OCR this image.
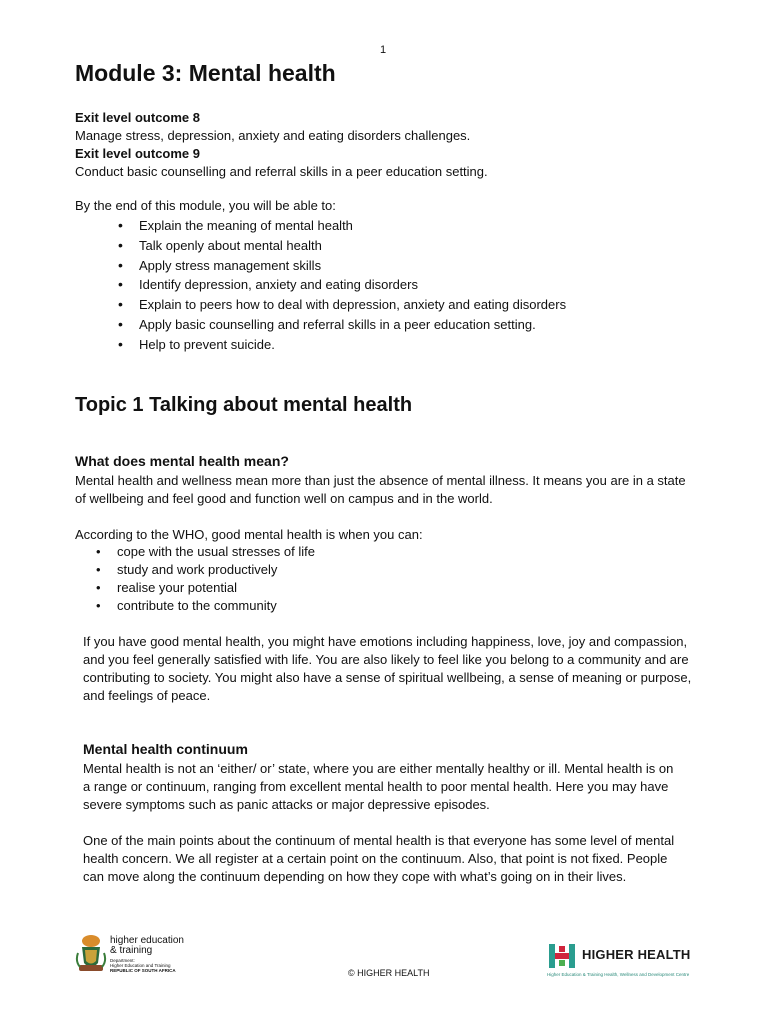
1
Module 3: Mental health
Exit level outcome 8
Manage stress, depression, anxiety and eating disorders challenges.
Exit level outcome 9
Conduct basic counselling and referral skills in a peer education setting.
By the end of this module, you will be able to:
• Explain the meaning of mental health
• Talk openly about mental health
• Apply stress management skills
• Identify depression, anxiety and eating disorders
• Explain to peers how to deal with depression, anxiety and eating disorders
• Apply basic counselling and referral skills in a peer education setting.
• Help to prevent suicide.
Topic 1 Talking about mental health
What does mental health mean?
Mental health and wellness mean more than just the absence of mental illness. It means you are in a state
of wellbeing and feel good and function well on campus and in the world.
According to the WHO, good mental health is when you can:
• cope with the usual stresses of life
• study and work productively
• realise your potential
• contribute to the community
If you have good mental health, you might have emotions including happiness, love, joy and compassion,
and you feel generally satisfied with life. You are also likely to feel like you belong to a community and are
contributing to society. You might also have a sense of spiritual wellbeing, a sense of meaning or purpose,
and feelings of peace.
Mental health continuum
Mental health is not an ‘either/ or’ state, where you are either mentally healthy or ill. Mental health is on
a range or continuum, ranging from excellent mental health to poor mental health. Here you may have
severe symptoms such as panic attacks or major depressive episodes.
One of the main points about the continuum of mental health is that everyone has some level of mental
health concern. We all register at a certain point on the continuum. Also, that point is not fixed. People
can move along the continuum depending on how they cope with what’s going on in their lives.
higher education
& training
Department:
Higher Education and Training
REPUBLIC OF SOUTH AFRICA	© HIGHER HEALTH
HIGHER HEALTH
Higher Education & Training Health, Wellness and Development Centre
